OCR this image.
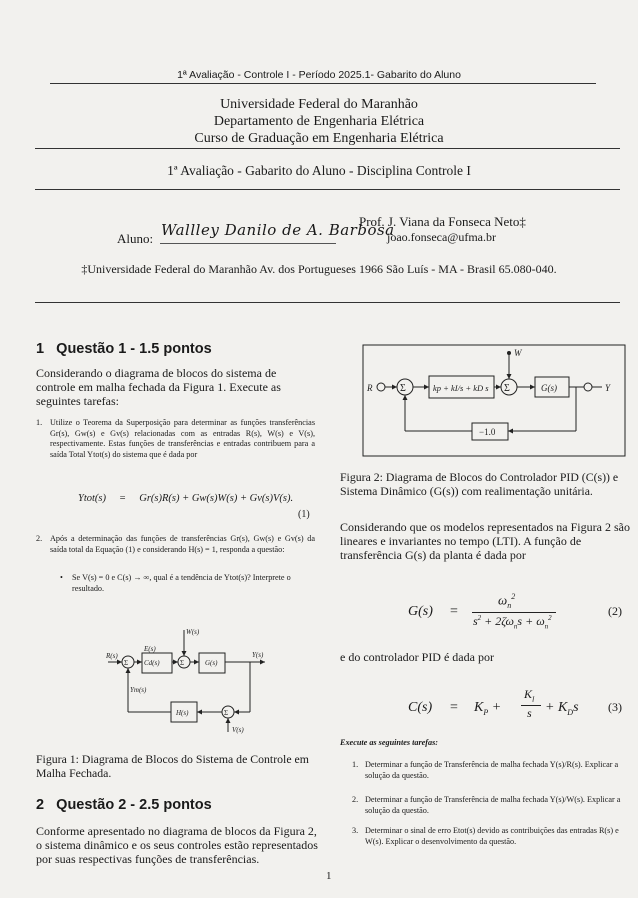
1ª Avaliação - Controle I - Período 2025.1- Gabarito do Aluno
Universidade Federal do Maranhão
Departamento de Engenharia Elétrica
Curso de Graduação em Engenharia Elétrica
1ª Avaliação - Gabarito do Aluno - Disciplina Controle I
Prof. J. Viana da Fonseca Neto‡
joao.fonseca@ufma.br
Aluno: Wallley Danilo de A. Barbosa
‡Universidade Federal do Maranhão Av. dos Portugueses 1966 São Luís - MA - Brasil 65.080-040.
1 Questão 1 - 1.5 pontos
Considerando o diagrama de blocos do sistema de controle em malha fechada da Figura 1. Execute as seguintes tarefas:
1. Utilize o Teorema da Superposição para determinar as funções transferências Gr(s), Gw(s) e Gv(s) relacionadas com as entradas R(s), W(s) e V(s), respectivamente. Estas funções de transferências e entradas contribuem para a saída Total Ytot(s) do sistema que é dada por
Ytot(s) = Gr(s)R(s) + Gw(s)W(s) + Gv(s)V(s).
(1)
2. Após a determinação das funções de transferências Gr(s), Gw(s) e Gv(s) da saída total da Equação (1) e considerando H(s) = 1, responda a questão:
• Se V(s) = 0 e C(s) → ∞, qual é a tendência de Ytot(s)? Interprete o resultado.
R(s)
Σ
E(s)
Cd(s)	Σ
W(s)
G(s)
Y(s)
Ym(s)
H(s)	Σ
V(s)
Figura 1: Diagrama de Blocos do Sistema de Controle em Malha Fechada.
2 Questão 2 - 2.5 pontos
Conforme apresentado no diagrama de blocos da Figura 2, o sistema dinâmico e os seus controles estão representados por suas respectivas funções de transferências.
R	Σ	kp + kI/s + kD s Σ
W
G(s)	Y
−1.0
Figura 2: Diagrama de Blocos do Controlador PID (C(s)) e Sistema Dinâmico (G(s)) com realimentação unitária.
Considerando que os modelos representados na Figura 2 são lineares e invariantes no tempo (LTI). A função de transferência G(s) da planta é dada por
G(s) =
$\omega_n^2$
$s^2 + 2\zeta\omega_ns + \omega_n^2$	(2)
e do controlador PID é dada por
$C(s) = K_P$ +
$K_I$
$s + K_Ds$ (3)
Execute as seguintes tarefas:
1. Determinar a função de Transferência de malha fechada Y(s)/R(s). Explicar a solução da questão.
2. Determinar a função de Transferência de malha fechada Y(s)/W(s). Explicar a solução da questão.
3. Determinar o sinal de erro Etot(s) devido as contribuições das entradas R(s) e W(s). Explicar o desenvolvimento da questão.
1
